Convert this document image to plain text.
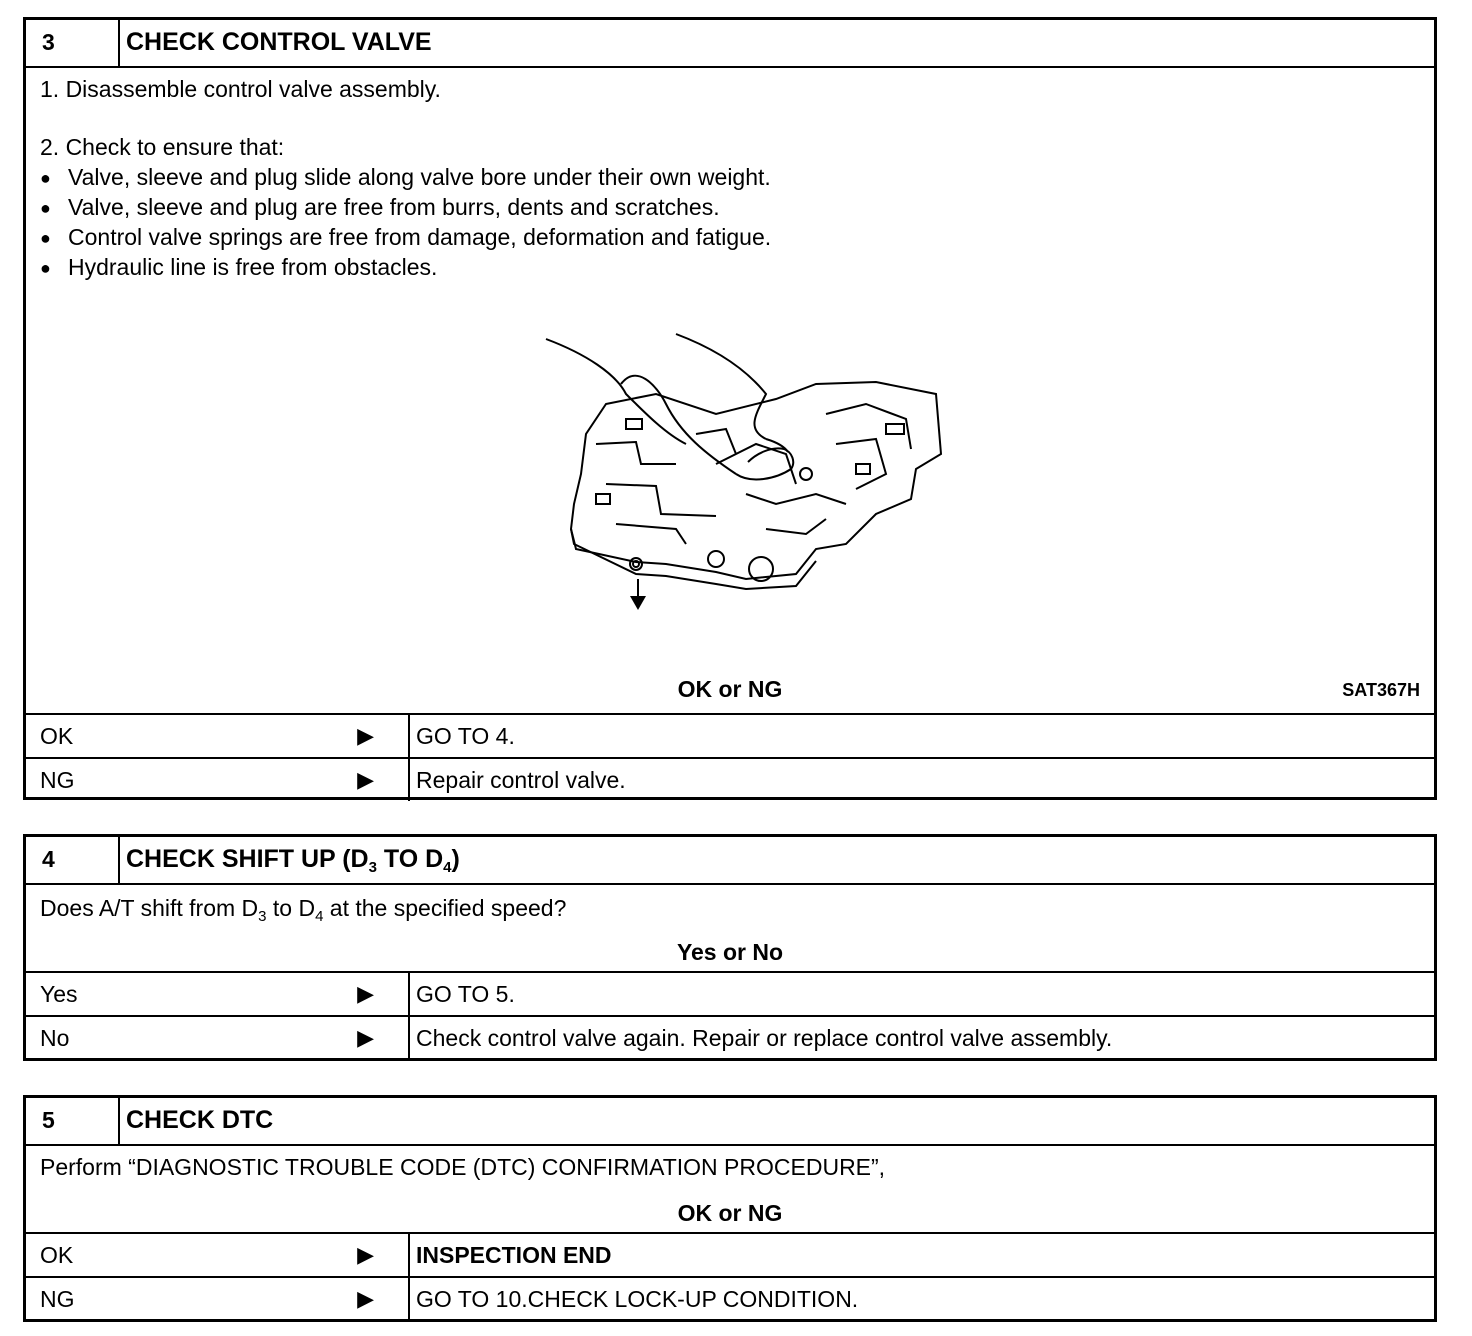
3	CHECK CONTROL VALVE
1. Disassemble control valve assembly.
2. Check to ensure that:
● Valve, sleeve and plug slide along valve bore under their own weight.
● Valve, sleeve and plug are free from burrs, dents and scratches.
● Control valve springs are free from damage, deformation and fatigue.
● Hydraulic line is free from obstacles.
SAT367H
OK or NG
OK	▶ GO TO 4.
NG	▶ Repair control valve.
4	CHECK SHIFT UP ($D_3$ TO $D_4$)
Does A/T shift from $D_3$ to $D_4$ at the specified speed?
Yes or No
Yes	▶ GO TO 5.
No	▶ Check control valve again. Repair or replace control valve assembly.
5	CHECK DTC
Perform “DIAGNOSTIC TROUBLE CODE (DTC) CONFIRMATION PROCEDURE”,
OK or NG
OK	▶ INSPECTION END
NG	▶ GO TO 10.CHECK LOCK-UP CONDITION.
